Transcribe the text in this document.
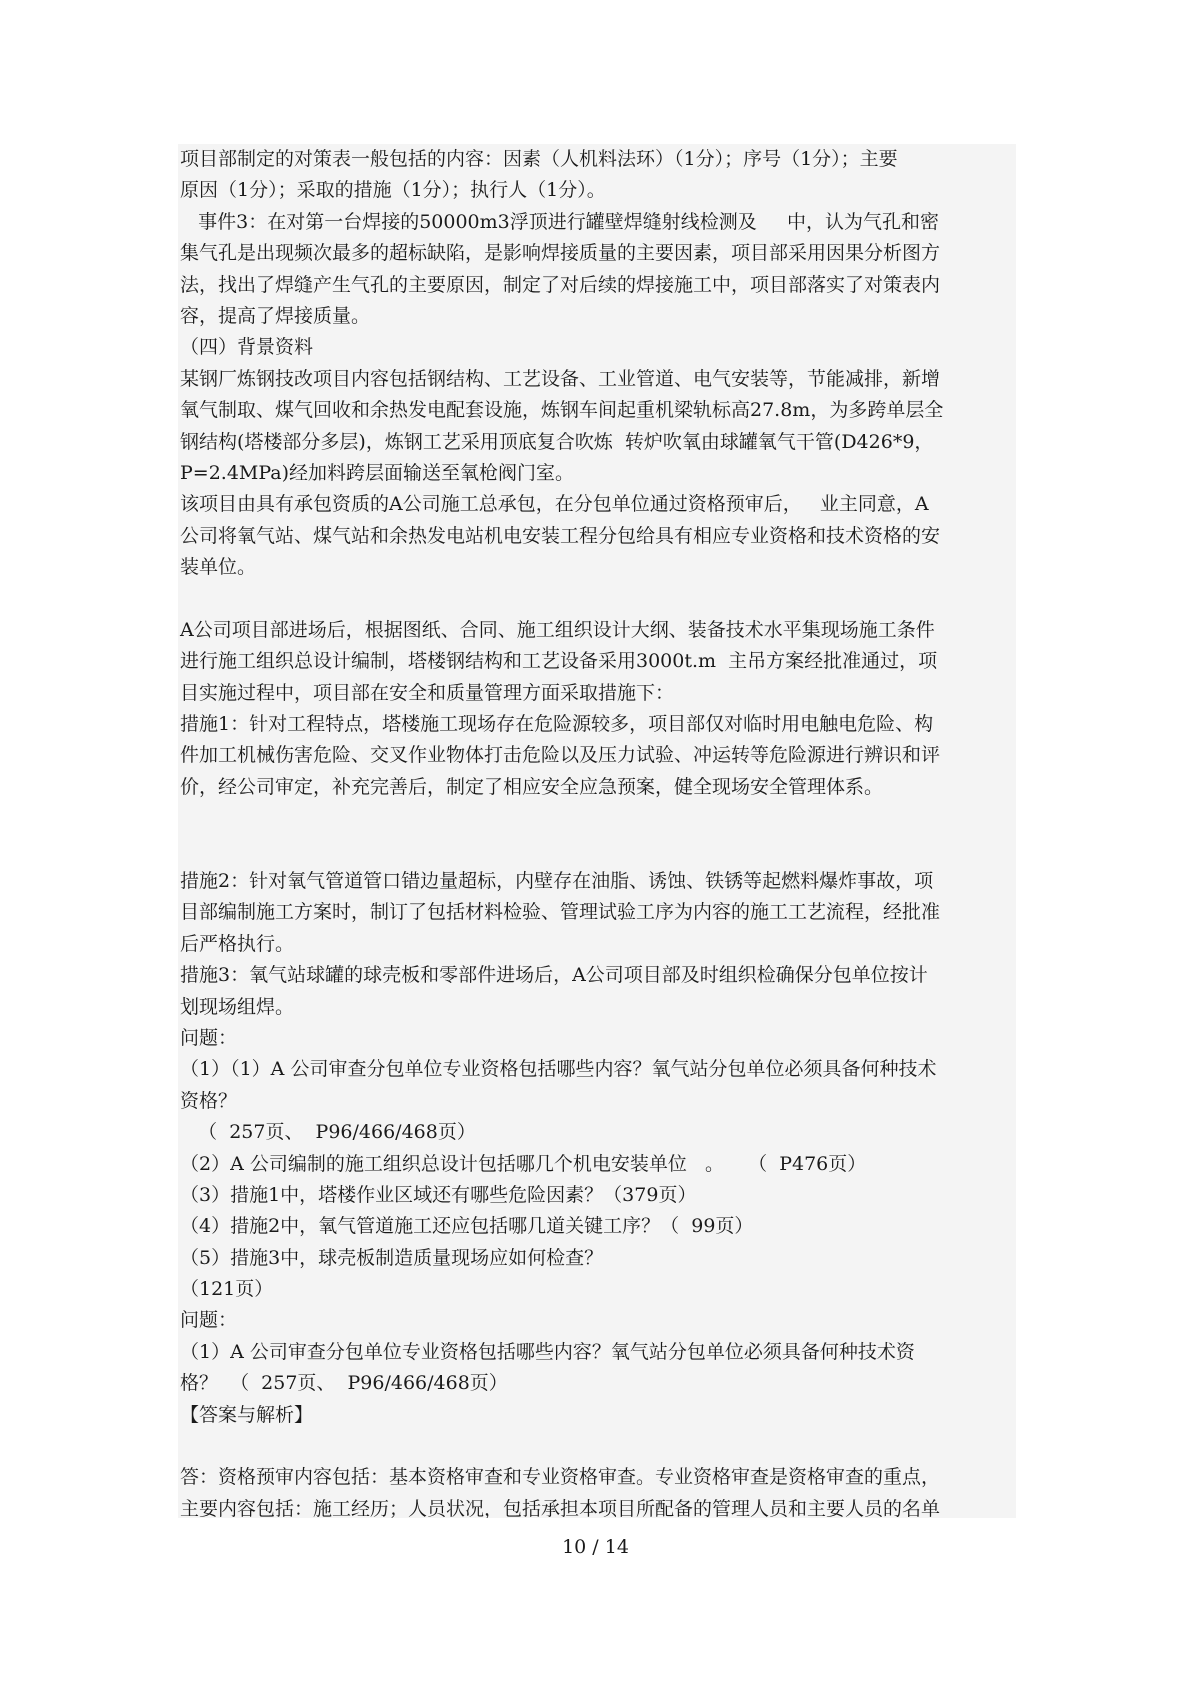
项目部制定的对策表一般包括的内容：因素（人机料法环）（1分）；序号（1分）；主要
原因（1分）；采取的措施（1分）；执行人（1分）。
事件3：在对第一台焊接的50000m3浮顶进行罐壁焊缝射线检测及     中，认为气孔和密
集气孔是出现频次最多的超标缺陷，是影响焊接质量的主要因素，项目部采用因果分析图方
法，找出了焊缝产生气孔的主要原因，制定了对后续的焊接施工中，项目部落实了对策表内
容，提高了焊接质量。
（四）背景资料
某钢厂炼钢技改项目内容包括钢结构、工艺设备、工业管道、电气安装等，节能减排，新增
氧气制取、煤气回收和余热发电配套设施，炼钢车间起重机梁轨标高27.8m，为多跨单层全
钢结构(塔楼部分多层)，炼钢工艺采用顶底复合吹炼  转炉吹氧由球罐氧气干管(D426*9，
P=2.4MPa)经加料跨层面输送至氧枪阀门室。
该项目由具有承包资质的A公司施工总承包，在分包单位通过资格预审后，   业主同意，A
公司将氧气站、煤气站和余热发电站机电安装工程分包给具有相应专业资格和技术资格的安
装单位。
A公司项目部进场后，根据图纸、合同、施工组织设计大纲、装备技术水平集现场施工条件
进行施工组织总设计编制，塔楼钢结构和工艺设备采用3000t.m  主吊方案经批准通过，项
目实施过程中，项目部在安全和质量管理方面采取措施下：
措施1：针对工程特点，塔楼施工现场存在危险源较多，项目部仅对临时用电触电危险、构
件加工机械伤害危险、交叉作业物体打击危险以及压力试验、冲运转等危险源进行辨识和评
价，经公司审定，补充完善后，制定了相应安全应急预案，健全现场安全管理体系。
措施2：针对氧气管道管口错边量超标，内壁存在油脂、诱蚀、铁锈等起燃料爆炸事故，项
目部编制施工方案时，制订了包括材料检验、管理试验工序为内容的施工工艺流程，经批准
后严格执行。
措施3：氧气站球罐的球壳板和零部件进场后，A公司项目部及时组织检确保分包单位按计
划现场组焊。
问题：
（1）（1）A 公司审查分包单位专业资格包括哪些内容？氧气站分包单位必须具备何种技术
资格？
（  257页、  P96/466/468页）
（2）A 公司编制的施工组织总设计包括哪几个机电安装单位   。    （  P476页）
（3）措施1中，塔楼作业区域还有哪些危险因素？（379页）
（4）措施2中，氧气管道施工还应包括哪几道关键工序？（  99页）
（5）措施3中，球壳板制造质量现场应如何检查？
（121页）
问题：
（1）A 公司审查分包单位专业资格包括哪些内容？氧气站分包单位必须具备何种技术资
格？  （  257页、  P96/466/468页）
【答案与解析】
答：资格预审内容包括：基本资格审查和专业资格审查。专业资格审查是资格审查的重点，
主要内容包括：施工经历；人员状况，包括承担本项目所配备的管理人员和主要人员的名单
10 / 14
